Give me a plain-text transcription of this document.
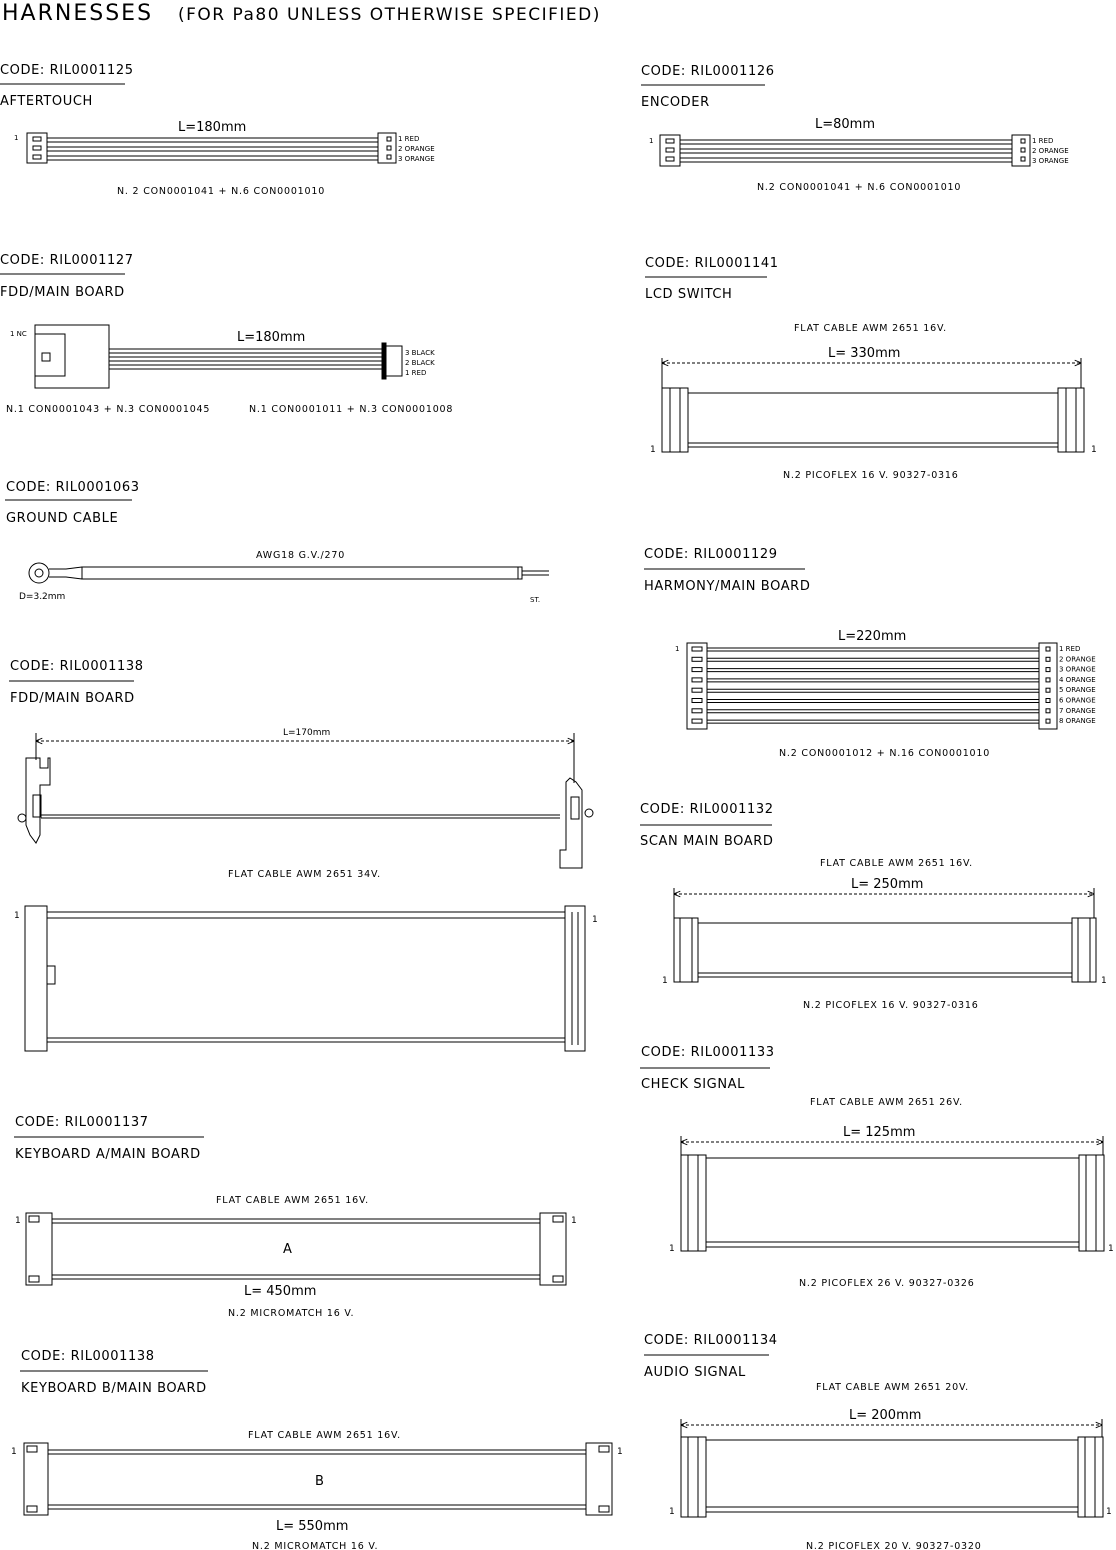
HARNESSES (FOR Pa80 UNLESS OTHERWISE SPECIFIED)
CODE: RIL0001125
AFTERTOUCH
L=180mm
1	1 RED
2 ORANGE
3 ORANGE
N. 2 CON0001041 + N.6 CON0001010
CODE: RIL0001126
ENCODER
L=80mm
1	1 RED
2 ORANGE
3 ORANGE
N.2 CON0001041 + N.6 CON0001010
CODE: RIL0001127
FDD/MAIN BOARD
L=180mm
1 NC
3 BLACK
2 BLACK
1 RED
N.1 CON0001043 + N.3 CON0001045	N.1 CON0001011 + N.3 CON0001008
CODE: RIL0001141
LCD SWITCH
FLAT CABLE AWM 2651 16V.
L= 330mm
1	1
N.2 PICOFLEX 16 V. 90327-0316
CODE: RIL0001063
GROUND CABLE
AWG18 G.V./270
D=3.2mm	ST.
CODE: RIL0001129
HARMONY/MAIN BOARD
L=220mm
1	1 RED
2 ORANGE
3 ORANGE
4 ORANGE
5 ORANGE
6 ORANGE
7 ORANGE
8 ORANGE
N.2 CON0001012 + N.16 CON0001010
CODE: RIL0001138
FDD/MAIN BOARD
L=170mm
FLAT CABLE AWM 2651 34V.
1	1
CODE: RIL0001132
SCAN MAIN BOARD
FLAT CABLE AWM 2651 16V.
L= 250mm
1	1
N.2 PICOFLEX 16 V. 90327-0316
CODE: RIL0001133
CHECK SIGNAL
FLAT CABLE AWM 2651 26V.
L= 125mm
1	1
N.2 PICOFLEX 26 V. 90327-0326
CODE: RIL0001137
KEYBOARD A/MAIN BOARD
FLAT CABLE AWM 2651 16V.
A
1	1
L= 450mm
N.2 MICROMATCH 16 V.
CODE: RIL0001134
AUDIO SIGNAL
FLAT CABLE AWM 2651 20V.
L= 200mm
1	1
N.2 PICOFLEX 20 V. 90327-0320
CODE: RIL0001138
KEYBOARD B/MAIN BOARD
FLAT CABLE AWM 2651 16V.
B
1	1
L= 550mm
N.2 MICROMATCH 16 V.
